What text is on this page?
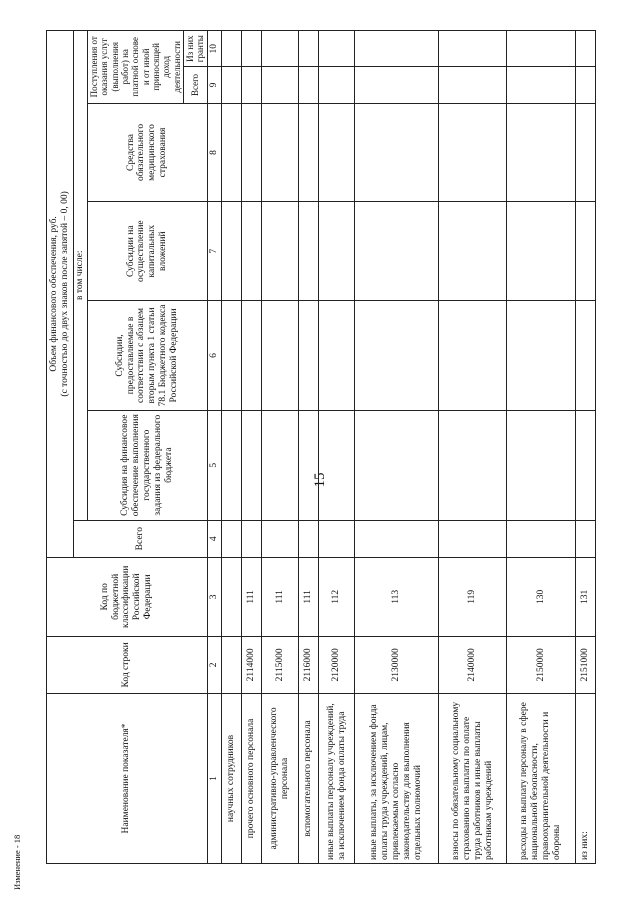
15
Изменение - 18
Наименование показателя*	Код строки	Код по бюджетной классификации Российской Федерации	Объем финансового обеспечения, руб. (с точностью до двух знаков после запятой – 0, 00)						

			Всего	в том числе:					
				Субсидия на финансовое обеспечение выполнения государственного задания из федерального бюджета	Субсидии, предоставляемые в соответствии с абзацем вторым пункта 1 статьи 78.1 Бюджетного кодекса Российской Федерации	Субсидии на осуществление капитальных вложений	Средства обязательного медицинского страхования	Поступления от оказания услуг (выполнения работ) на платной основе и от иной приносящей доход деятельности	
								Всего	Из них гранты
1	2	3	4	5	6	7	8	9	10
научных сотрудников									
прочего основного персонала	2114000	111							
административно-управленческого персонала	2115000	111							
вспомогательного персонала	2116000	111							
иные выплаты персоналу учреждений, за исключением фонда оплаты труда	2120000	112							
иные выплаты, за исключением фонда оплаты труда учреждений, лицам, привлекаемым согласно законодательству для выполнения отдельных полномочий	2130000	113							
взносы по обязательному социальному страхованию на выплаты по оплате труда работников и иные выплаты работникам учреждений	2140000	119							
расходы на выплату персоналу в сфере национальной безопасности, правоохранительной деятельности и обороны	2150000	130							
из них:	2151000	131							
